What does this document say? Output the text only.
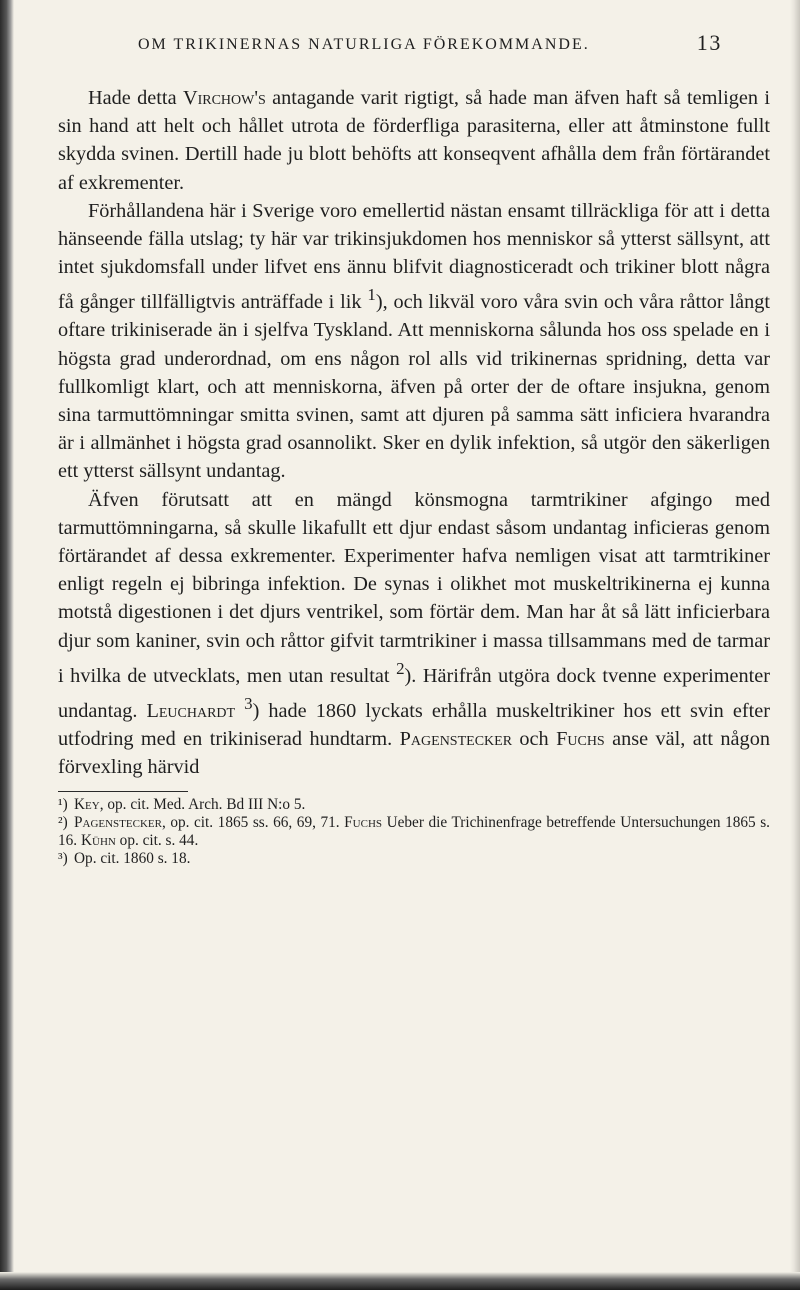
OM TRIKINERNAS NATURLIGA FÖREKOMMANDE.	13

Hade detta Virchow's antagande varit rigtigt, så hade man äfven haft så temligen i sin hand att helt och hållet utrota de förderfliga parasiterna, eller att åtminstone fullt skydda svinen. Dertill hade ju blott behöfts att konseqvent afhålla dem från förtärandet af exkrementer.

Förhållandena här i Sverige voro emellertid nästan ensamt tillräckliga för att i detta hänseende fälla utslag; ty här var trikinsjukdomen hos menniskor så ytterst sällsynt, att intet sjukdomsfall under lifvet ens ännu blifvit diagnosticeradt och trikiner blott några få gånger tillfälligtvis anträffade i lik $^1$), och likväl voro våra svin och våra råttor långt oftare trikiniserade än i sjelfva Tyskland. Att menniskorna sålunda hos oss spelade en i högsta grad underordnad, om ens någon rol alls vid trikinernas spridning, detta var fullkomligt klart, och att menniskorna, äfven på orter der de oftare insjukna, genom sina tarmuttömningar smitta svinen, samt att djuren på samma sätt inficiera hvarandra är i allmänhet i högsta grad osannolikt. Sker en dylik infektion, så utgör den säkerligen ett ytterst sällsynt undantag.

Äfven förutsatt att en mängd könsmogna tarmtrikiner afgingo med tarmuttömningarna, så skulle likafullt ett djur endast såsom undantag inficieras genom förtärandet af dessa exkrementer. Experimenter hafva nemligen visat att tarmtrikiner enligt regeln ej bibringa infektion. De synas i olikhet mot muskeltrikinerna ej kunna motstå digestionen i det djurs ventrikel, som förtär dem. Man har åt så lätt inficierbara djur som kaniner, svin och råttor gifvit tarmtrikiner i massa tillsammans med de tarmar i hvilka de utvecklats, men utan resultat $^2$). Härifrån utgöra dock tvenne experimenter undantag. Leuchardt $^3$) hade 1860 lyckats erhålla muskeltrikiner hos ett svin efter utfodring med en trikiniserad hundtarm. Pagenstecker och Fuchs anse väl, att någon förvexling härvid

¹) Key, op. cit. Med. Arch. Bd III N:o 5.

²) Pagenstecker, op. cit. 1865 ss. 66, 69, 71. Fuchs Ueber die Trichinenfrage betreffende Untersuchungen 1865 s. 16. Kühn op. cit. s. 44.

³) Op. cit. 1860 s. 18.
